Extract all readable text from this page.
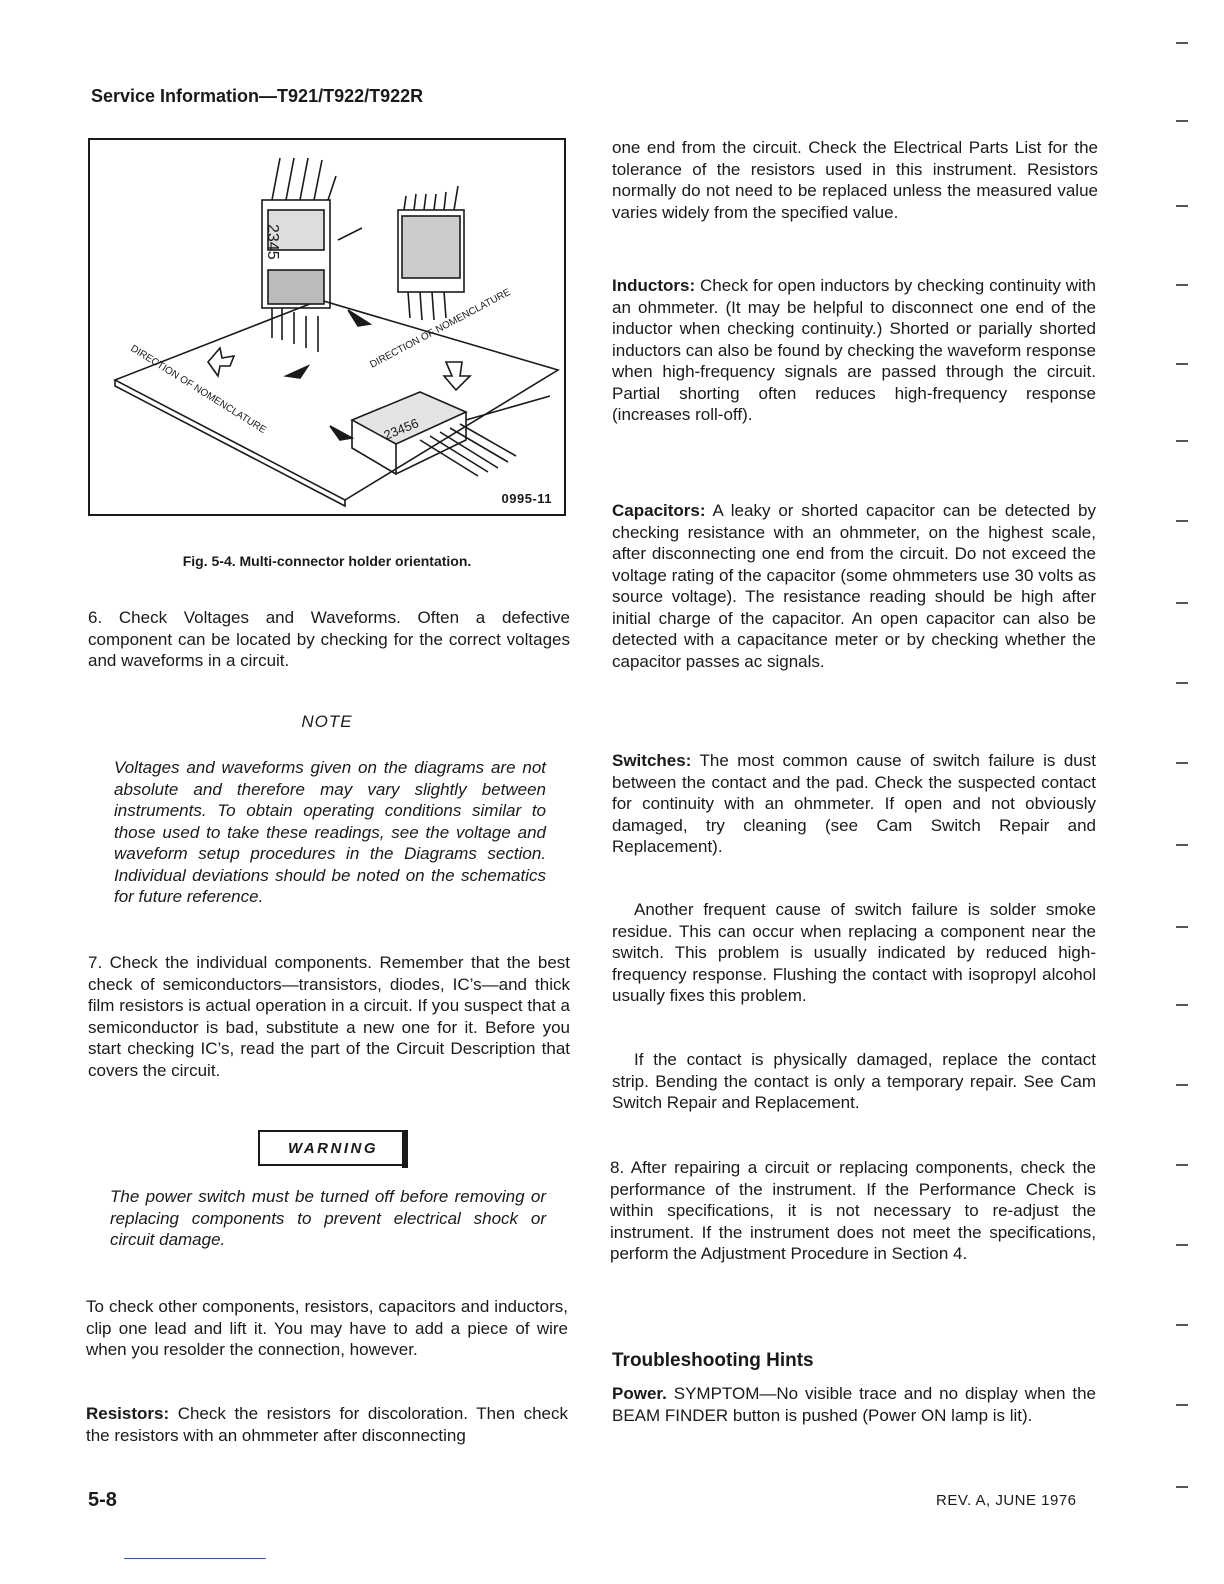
Service Information—T921/T922/T922R
DIRECTION OF NOMENCLATURE
DIRECTION OF NOMENCLATURE
2345
23456
0995-11
Fig. 5-4. Multi-connector holder orientation.

6. Check Voltages and Waveforms. Often a defective component can be located by checking for the correct voltages and waveforms in a circuit.

NOTE

Voltages and waveforms given on the diagrams are not absolute and therefore may vary slightly between instruments. To obtain operating conditions similar to those used to take these readings, see the voltage and waveform setup procedures in the Diagrams section. Individual deviations should be noted on the schematics for future reference.

7. Check the individual components. Remember that the best check of semiconductors—transistors, diodes, IC’s—and thick film resistors is actual operation in a circuit. If you suspect that a semiconductor is bad, substitute a new one for it. Before you start checking IC’s, read the part of the Circuit Description that covers the circuit.

WARNING

The power switch must be turned off before removing or replacing components to prevent electrical shock or circuit damage.

To check other components, resistors, capacitors and inductors, clip one lead and lift it. You may have to add a piece of wire when you resolder the connection, however.

Resistors: Check the resistors for discoloration. Then check the resistors with an ohmmeter after disconnecting

one end from the circuit. Check the Electrical Parts List for the tolerance of the resistors used in this instrument. Resistors normally do not need to be replaced unless the measured value varies widely from the specified value.

Inductors: Check for open inductors by checking continuity with an ohmmeter. (It may be helpful to disconnect one end of the inductor when checking continuity.) Shorted or parially shorted inductors can also be found by checking the waveform response when high-frequency signals are passed through the circuit. Partial shorting often reduces high-frequency response (increases roll-off).

Capacitors: A leaky or shorted capacitor can be detected by checking resistance with an ohmmeter, on the highest scale, after disconnecting one end from the circuit. Do not exceed the voltage rating of the capacitor (some ohmmeters use 30 volts as source voltage). The resistance reading should be high after initial charge of the capacitor. An open capacitor can also be detected with a capacitance meter or by checking whether the capacitor passes ac signals.

Switches: The most common cause of switch failure is dust between the contact and the pad. Check the suspected contact for continuity with an ohmmeter. If open and not obviously damaged, try cleaning (see Cam Switch Repair and Replacement).

Another frequent cause of switch failure is solder smoke residue. This can occur when replacing a component near the switch. This problem is usually indicated by reduced high-frequency response. Flushing the contact with isopropyl alcohol usually fixes this problem.

If the contact is physically damaged, replace the contact strip. Bending the contact is only a temporary repair. See Cam Switch Repair and Replacement.

8. After repairing a circuit or replacing components, check the performance of the instrument. If the Performance Check is within specifications, it is not necessary to re-adjust the instrument. If the instrument does not meet the specifications, perform the Adjustment Procedure in Section 4.

Troubleshooting Hints

Power. SYMPTOM—No visible trace and no display when the BEAM FINDER button is pushed (Power ON lamp is lit).

5-8	REV. A, JUNE 1976
